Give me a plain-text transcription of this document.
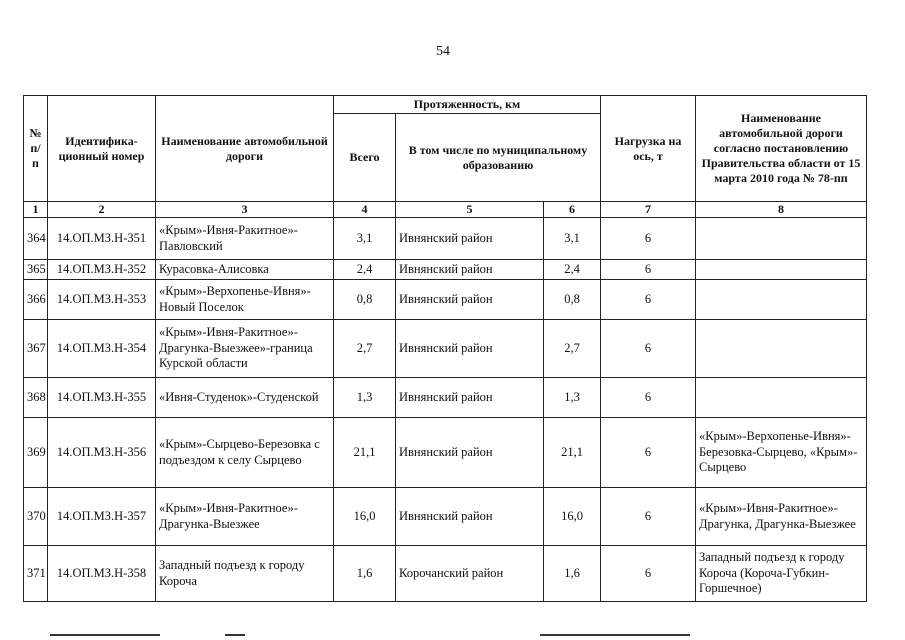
54
№ п/п	Идентифика-ционный номер	Наименование автомобильной дороги	Протяженность, км			Нагрузка на ось, т	Наименование автомобильной дороги согласно постановлению Правительства области от 15 марта 2010 года № 78-пп
			Всего	В том числе по муниципальному образованию			
1	2	3	4	5	6	7	8
364	14.ОП.МЗ.Н-351	«Крым»-Ивня-Ракитное»-Павловский	3,1	Ивнянский район	3,1	6	
365	14.ОП.МЗ.Н-352	Курасовка-Алисовка	2,4	Ивнянский район	2,4	6	
366	14.ОП.МЗ.Н-353	«Крым»-Верхопенье-Ивня»-Новый Поселок	0,8	Ивнянский район	0,8	6	
367	14.ОП.МЗ.Н-354	«Крым»-Ивня-Ракитное»-Драгунка-Выезжее»-граница Курской области	2,7	Ивнянский район	2,7	6	
368	14.ОП.МЗ.Н-355	«Ивня-Студенок»-Студенской	1,3	Ивнянский район	1,3	6	
369	14.ОП.МЗ.Н-356	«Крым»-Сырцево-Березовка с подъездом к селу Сырцево	21,1	Ивнянский район	21,1	6	«Крым»-Верхопенье-Ивня»-Березовка-Сырцево, «Крым»-Сырцево
370	14.ОП.МЗ.Н-357	«Крым»-Ивня-Ракитное»-Драгунка-Выезжее	16,0	Ивнянский район	16,0	6	«Крым»-Ивня-Ракитное»-Драгунка, Драгунка-Выезжее
371	14.ОП.МЗ.Н-358	Западный подъезд к городу Короча	1,6	Корочанский район	1,6	6	Западный подъезд к городу Короча (Короча-Губкин-Горшечное)
